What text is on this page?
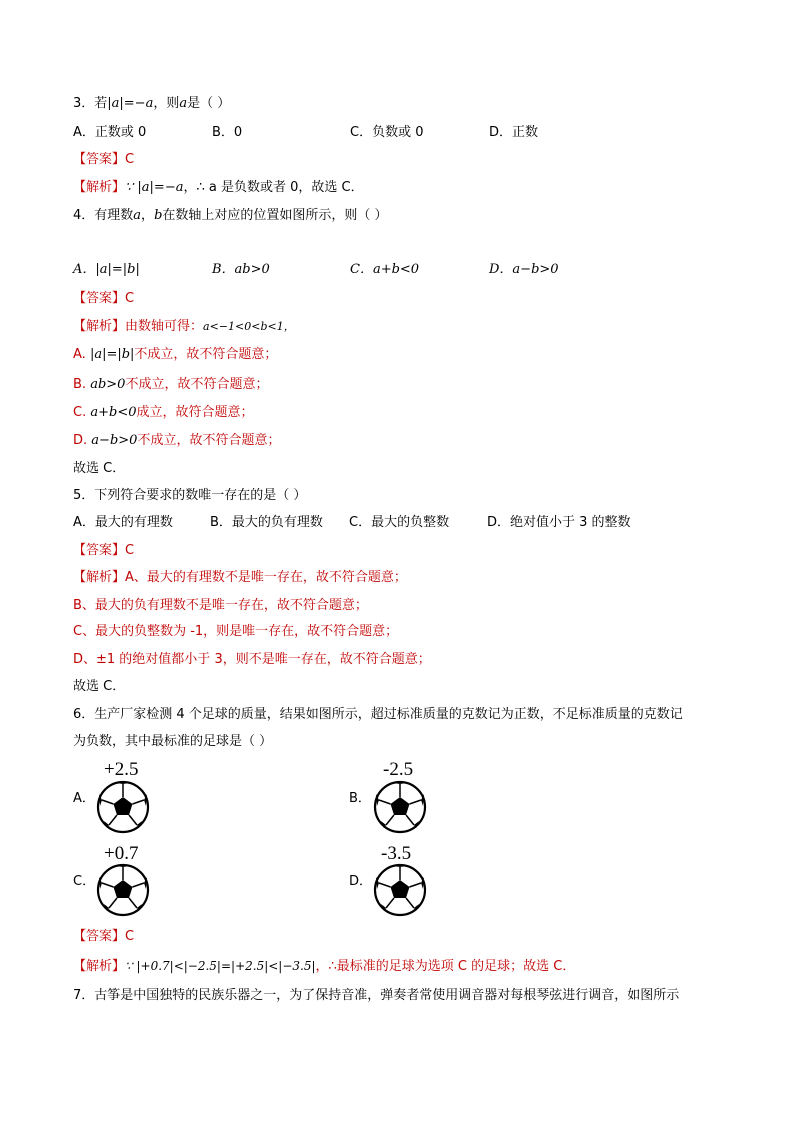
3．若|a|=−a，则a是（ ）
A．正数或 0	B．0	C．负数或 0	D．正数
【答案】C
【解析】∵ |a|=−a，∴ a 是负数或者 0，故选 C．
4．有理数a，b在数轴上对应的位置如图所示，则（ ）
A．|a|=|b|	B．ab>0	C．a+b<0	D．a−b>0
【答案】C
【解析】由数轴可得：a<−1<0<b<1，
A. |a|=|b|不成立，故不符合题意；
B. ab>0不成立，故不符合题意；
C. a+b<0成立，故符合题意；
D. a−b>0不成立，故不符合题意；
故选 C．
5．下列符合要求的数唯一存在的是（ ）
A．最大的有理数	B．最大的负有理数 C．最大的负整数	D．绝对值小于 3 的整数
【答案】C
【解析】A、最大的有理数不是唯一存在，故不符合题意；
B、最大的负有理数不是唯一存在，故不符合题意；
C、最大的负整数为 -1，则是唯一存在，故不符合题意；
D、±1 的绝对值都小于 3，则不是唯一存在，故不符合题意；
故选 C．
6．生产厂家检测 4 个足球的质量，结果如图所示，超过标准质量的克数记为正数，不足标准质量的克数记
为负数，其中最标准的足球是（ ）
A．
+2.5
B．
-2.5
C．
+0.7
D．
-3.5
【答案】C
【解析】∵ |+0.7|<|−2.5|=|+2.5|<|−3.5|，∴最标准的足球为选项 C 的足球；故选 C．
7．古筝是中国独特的民族乐器之一，为了保持音准，弹奏者常使用调音器对每根琴弦进行调音，如图所示
